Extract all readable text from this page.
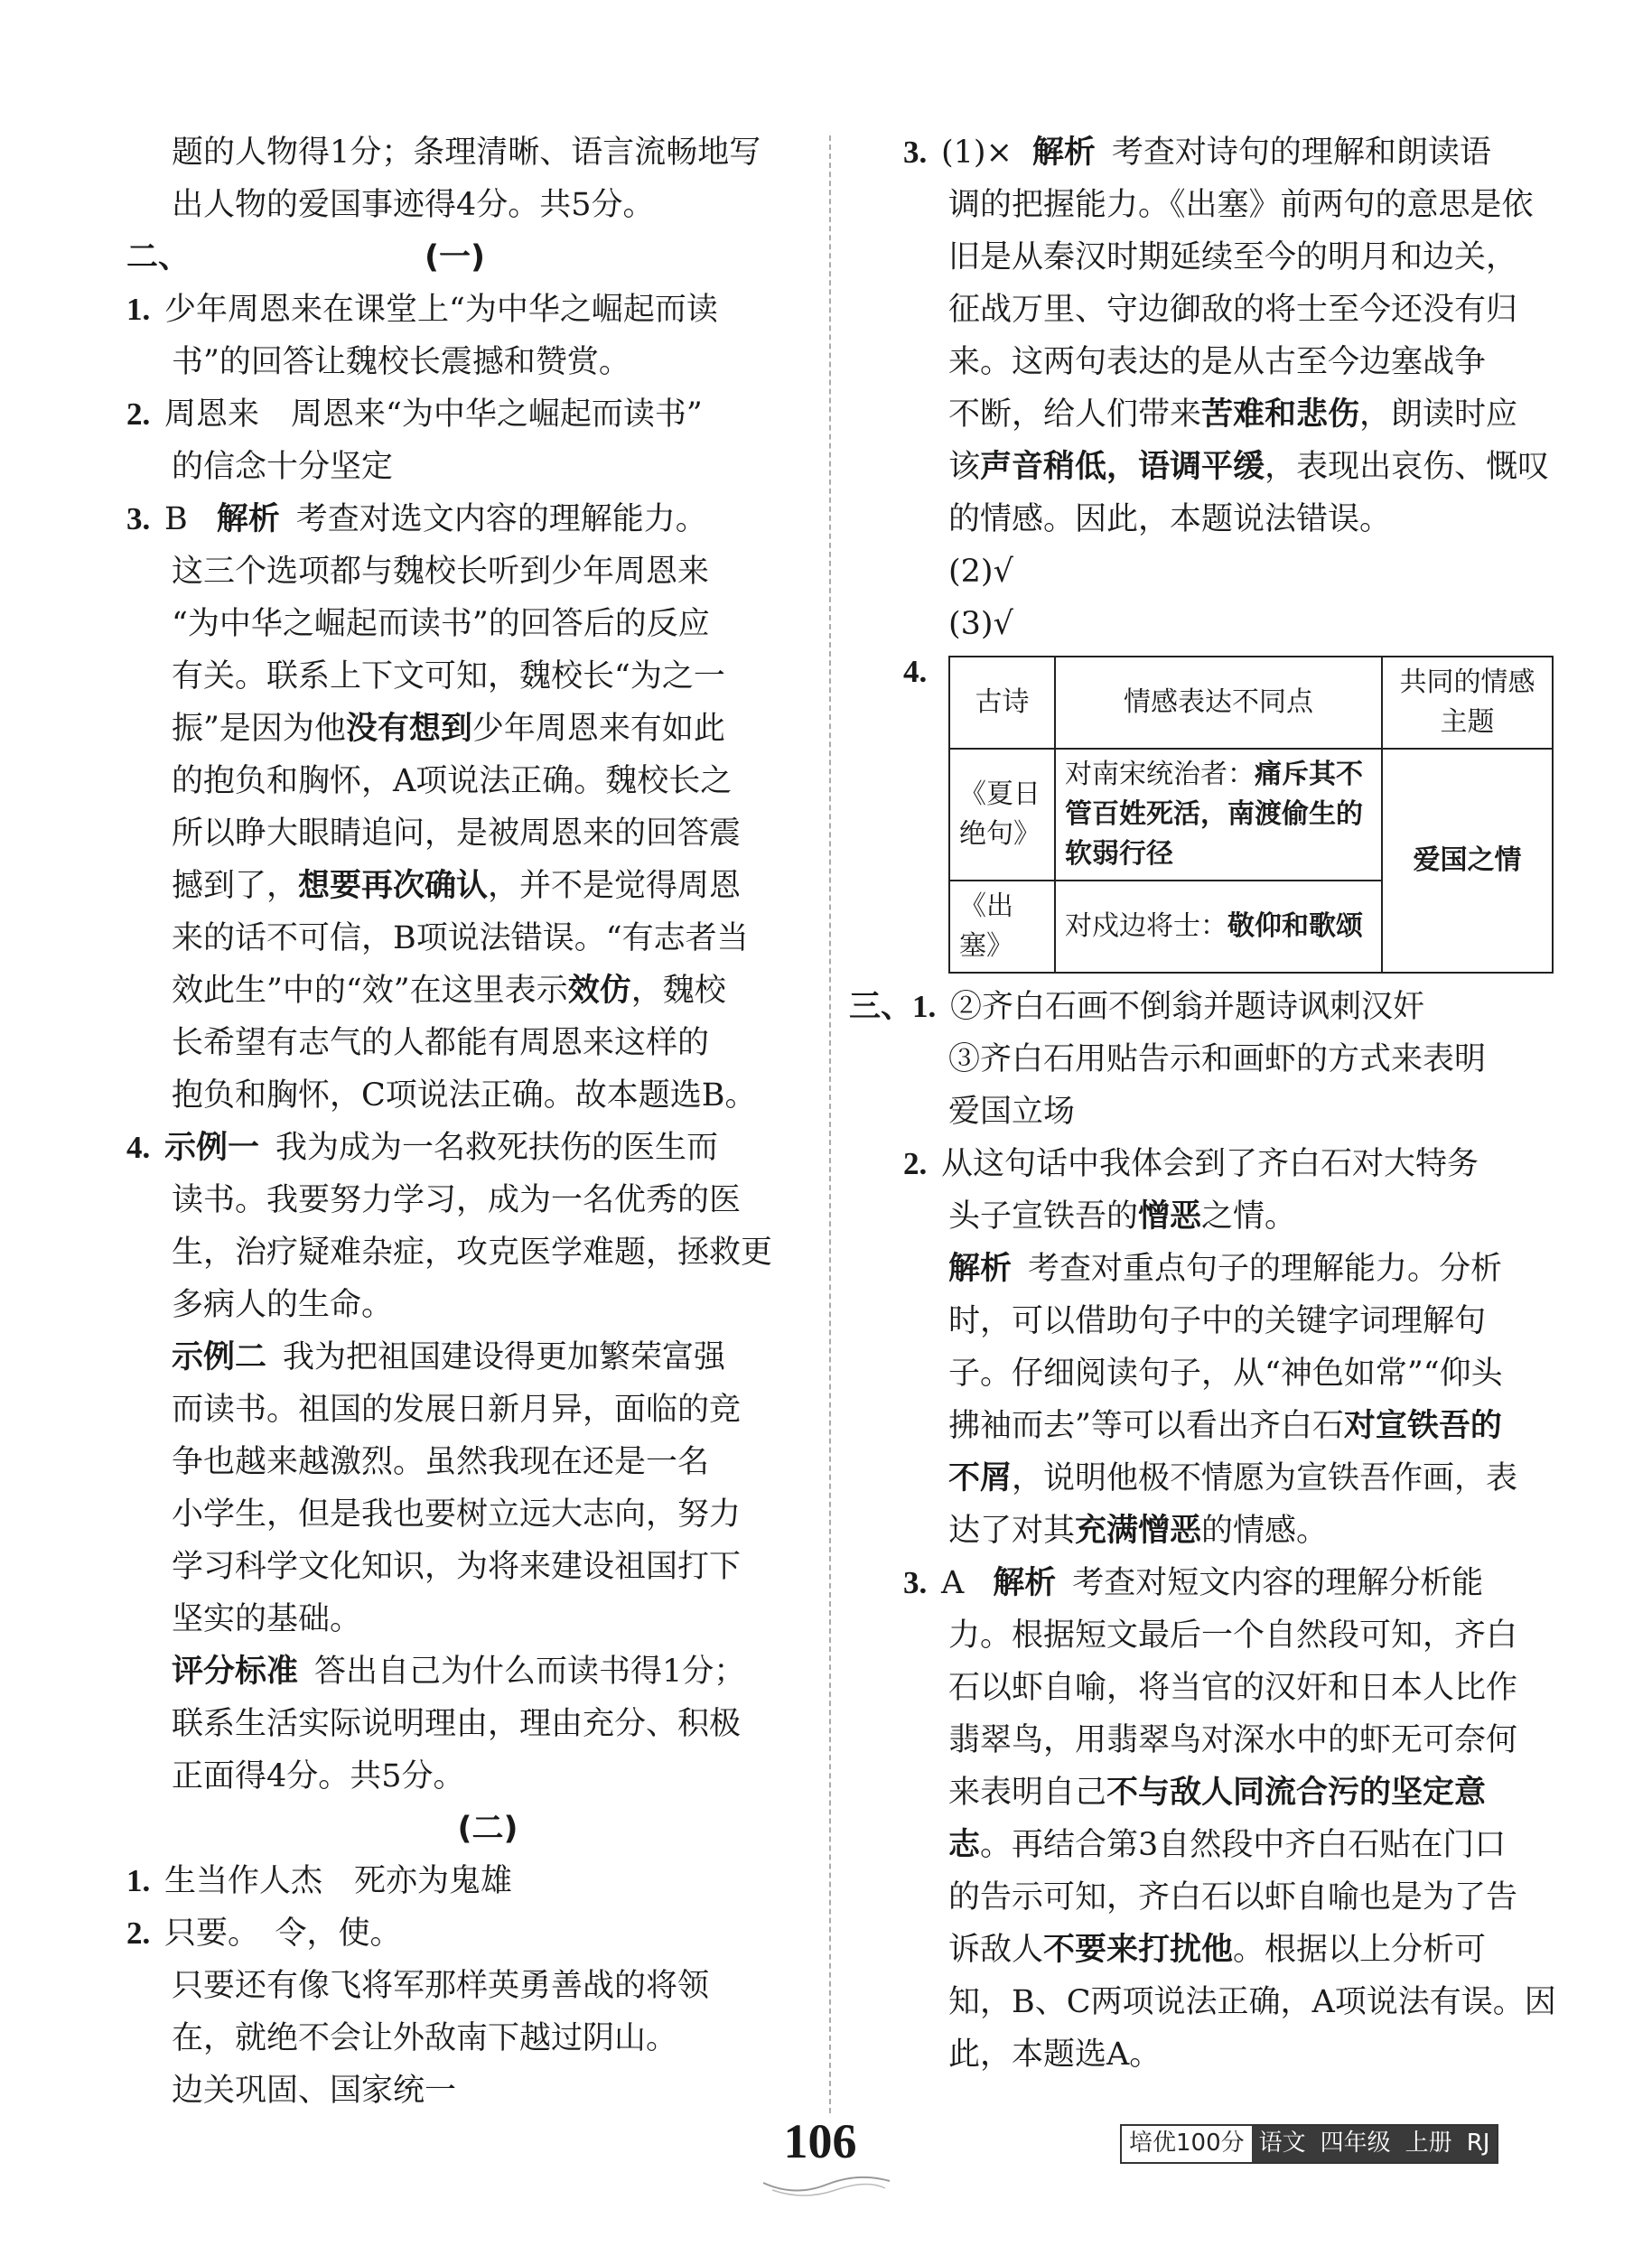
题的人物得1分；条理清晰、语言流畅地写
出人物的爱国事迹得4分。共5分。
二、	(一)
1. 少年周恩来在课堂上“为中华之崛起而读
书”的回答让魏校长震撼和赞赏。
2. 周恩来　周恩来“为中华之崛起而读书”
的信念十分坚定
3. B 解析 考查对选文内容的理解能力。
这三个选项都与魏校长听到少年周恩来
“为中华之崛起而读书”的回答后的反应
有关。联系上下文可知，魏校长“为之一
振”是因为他没有想到少年周恩来有如此
的抱负和胸怀，A项说法正确。魏校长之
所以睁大眼睛追问，是被周恩来的回答震
撼到了，想要再次确认，并不是觉得周恩
来的话不可信，B项说法错误。“有志者当
效此生”中的“效”在这里表示效仿，魏校
长希望有志气的人都能有周恩来这样的
抱负和胸怀，C项说法正确。故本题选B。
4. 示例一 我为成为一名救死扶伤的医生而
读书。我要努力学习，成为一名优秀的医
生，治疗疑难杂症，攻克医学难题，拯救更
多病人的生命。
示例二 我为把祖国建设得更加繁荣富强
而读书。祖国的发展日新月异，面临的竞
争也越来越激烈。虽然我现在还是一名
小学生，但是我也要树立远大志向，努力
学习科学文化知识，为将来建设祖国打下
坚实的基础。
评分标准 答出自己为什么而读书得1分；
联系生活实际说明理由，理由充分、积极
正面得4分。共5分。
(二)
1. 生当作人杰　死亦为鬼雄
2. 只要。　令，使。
只要还有像飞将军那样英勇善战的将领
在，就绝不会让外敌南下越过阴山。
边关巩固、国家统一
3. (1)× 解析 考查对诗句的理解和朗读语
调的把握能力。《出塞》前两句的意思是依
旧是从秦汉时期延续至今的明月和边关，
征战万里、守边御敌的将士至今还没有归
来。这两句表达的是从古至今边塞战争
不断，给人们带来苦难和悲伤，朗读时应
该声音稍低，语调平缓，表现出哀伤、慨叹
的情感。因此，本题说法错误。
(2)√
(3)√
4.
古诗	情感表达不同点	共同的情感主题
《夏日绝句》	对南宋统治者：痛斥其不管百姓死活，南渡偷生的软弱行径	爱国之情
《出塞》	对戍边将士：敬仰和歌颂	
三、1. ②齐白石画不倒翁并题诗讽刺汉奸
③齐白石用贴告示和画虾的方式来表明
爱国立场
2. 从这句话中我体会到了齐白石对大特务
头子宣铁吾的憎恶之情。
解析 考查对重点句子的理解能力。分析
时，可以借助句子中的关键字词理解句
子。仔细阅读句子，从“神色如常”“仰头
拂袖而去”等可以看出齐白石对宣铁吾的
不屑，说明他极不情愿为宣铁吾作画，表
达了对其充满憎恶的情感。
3. A 解析 考查对短文内容的理解分析能
力。根据短文最后一个自然段可知，齐白
石以虾自喻，将当官的汉奸和日本人比作
翡翠鸟，用翡翠鸟对深水中的虾无可奈何
来表明自己不与敌人同流合污的坚定意
志。再结合第3自然段中齐白石贴在门口
的告示可知，齐白石以虾自喻也是为了告
诉敌人不要来打扰他。根据以上分析可
知，B、C两项说法正确，A项说法有误。因
此，本题选A。
106	培优100分 语文 四年级 上册 RJ
